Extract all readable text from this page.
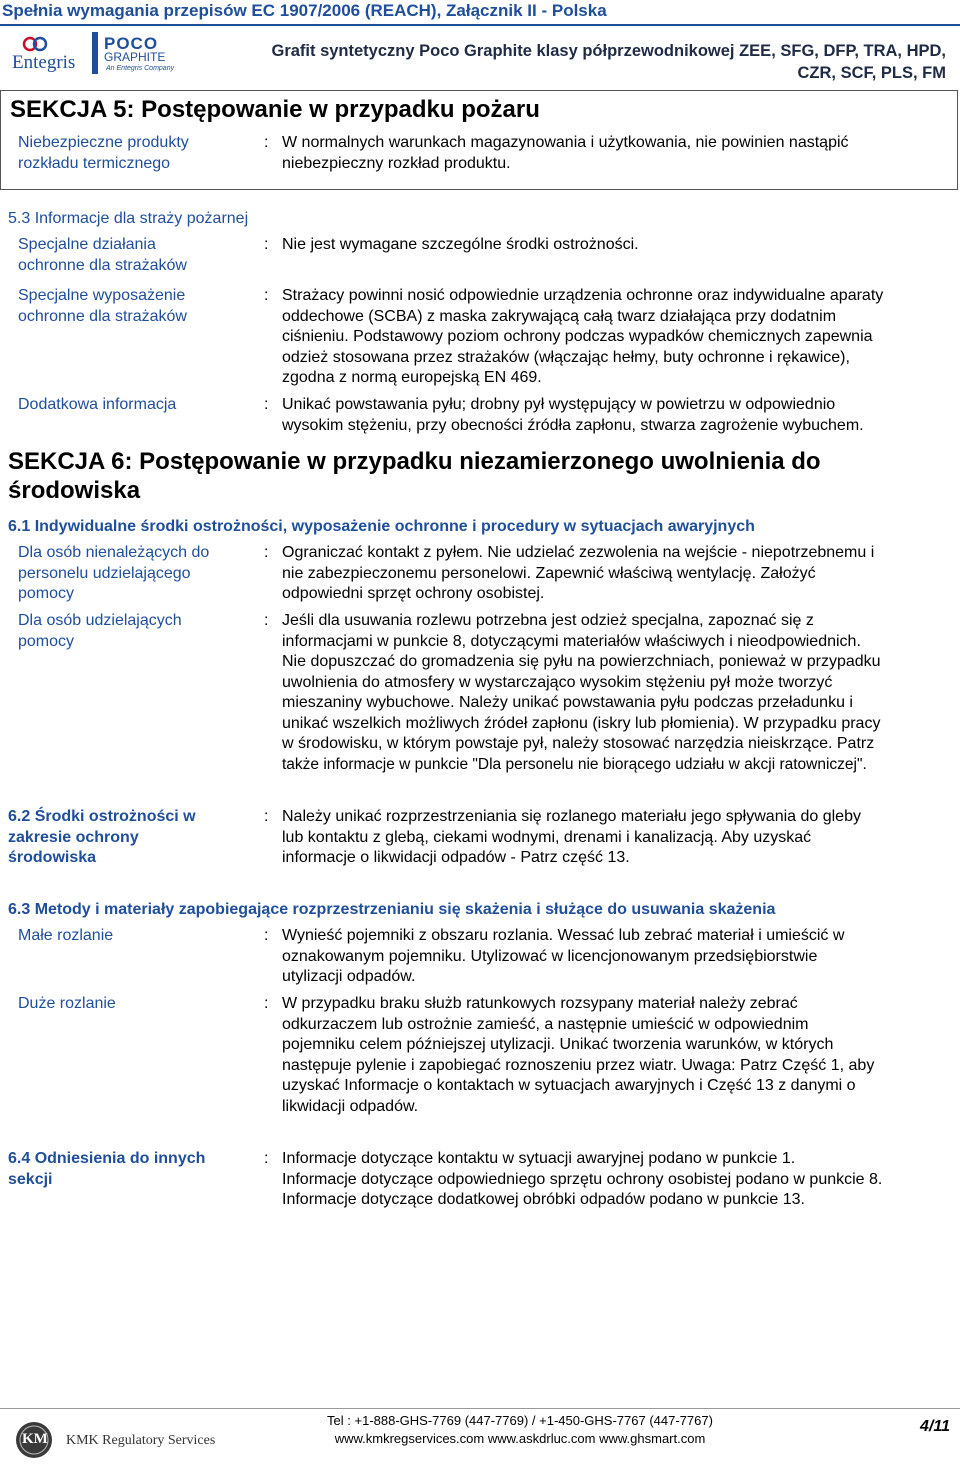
Spełnia wymagania przepisów EC 1907/2006 (REACH), Załącznik II - Polska
Entegris
POCO
GRAPHITE
An Entegris Company
Grafit syntetyczny Poco Graphite klasy półprzewodnikowej ZEE, SFG, DFP, TRA, HPD,
CZR, SCF, PLS, FM
SEKCJA 5: Postępowanie w przypadku pożaru
Niebezpieczne produkty
rozkładu termicznego
: W normalnych warunkach magazynowania i użytkowania, nie powinien nastąpić
niebezpieczny rozkład produktu.
5.3 Informacje dla straży pożarnej
Specjalne działania
ochronne dla strażaków
: Nie jest wymagane szczególne środki ostrożności.
Specjalne wyposażenie
ochronne dla strażaków
: Strażacy powinni nosić odpowiednie urządzenia ochronne oraz indywidualne aparaty
oddechowe (SCBA) z maska zakrywającą całą twarz działająca przy dodatnim
ciśnieniu. Podstawowy poziom ochrony podczas wypadków chemicznych zapewnia
odzież stosowana przez strażaków (włączając hełmy, buty ochronne i rękawice),
zgodna z normą europejską EN 469.
Dodatkowa informacja	: Unikać powstawania pyłu; drobny pył występujący w powietrzu w odpowiednio
wysokim stężeniu, przy obecności źródła zapłonu, stwarza zagrożenie wybuchem.
SEKCJA 6: Postępowanie w przypadku niezamierzonego uwolnienia do
środowiska
6.1 Indywidualne środki ostrożności, wyposażenie ochronne i procedury w sytuacjach awaryjnych
Dla osób nienależących do
personelu udzielającego
pomocy
: Ograniczać kontakt z pyłem. Nie udzielać zezwolenia na wejście - niepotrzebnemu i
nie zabezpieczonemu personelowi. Zapewnić właściwą wentylację. Założyć
odpowiedni sprzęt ochrony osobistej.
Dla osób udzielających
pomocy
: Jeśli dla usuwania rozlewu potrzebna jest odzież specjalna, zapoznać się z
informacjami w punkcie 8, dotyczącymi materiałów właściwych i nieodpowiednich.
Nie dopuszczać do gromadzenia się pyłu na powierzchniach, ponieważ w przypadku
uwolnienia do atmosfery w wystarczająco wysokim stężeniu pył może tworzyć
mieszaniny wybuchowe. Należy unikać powstawania pyłu podczas przeładunku i
unikać wszelkich możliwych źródeł zapłonu (iskry lub płomienia). W przypadku pracy
w środowisku, w którym powstaje pył, należy stosować narzędzia nieiskrzące. Patrz
także informacje w punkcie "Dla personelu nie biorącego udziału w akcji ratowniczej".
6.2 Środki ostrożności w
zakresie ochrony
środowiska
: Należy unikać rozprzestrzeniania się rozlanego materiału jego spływania do gleby
lub kontaktu z glebą, ciekami wodnymi, drenami i kanalizacją. Aby uzyskać
informacje o likwidacji odpadów - Patrz część 13.
6.3 Metody i materiały zapobiegające rozprzestrzenianiu się skażenia i służące do usuwania skażenia
Małe rozlanie	: Wynieść pojemniki z obszaru rozlania. Wessać lub zebrać materiał i umieścić w
oznakowanym pojemniku. Utylizować w licencjonowanym przedsiębiorstwie
utylizacji odpadów.
Duże rozlanie	: W przypadku braku służb ratunkowych rozsypany materiał należy zebrać
odkurzaczem lub ostrożnie zamieść, a następnie umieścić w odpowiednim
pojemniku celem późniejszej utylizacji. Unikać tworzenia warunków, w których
następuje pylenie i zapobiegać roznoszeniu przez wiatr. Uwaga: Patrz Część 1, aby
uzyskać Informacje o kontaktach w sytuacjach awaryjnych i Część 13 z danymi o
likwidacji odpadów.
6.4 Odniesienia do innych
sekcji
: Informacje dotyczące kontaktu w sytuacji awaryjnej podano w punkcie 1.
Informacje dotyczące odpowiedniego sprzętu ochrony osobistej podano w punkcie 8.
Informacje dotyczące dodatkowej obróbki odpadów podano w punkcie 13.
KM KMK Regulatory Services
Tel : +1-888-GHS-7769 (447-7769) / +1-450-GHS-7767 (447-7767)
www.kmkregservices.com www.askdrluc.com www.ghsmart.com
4/11
